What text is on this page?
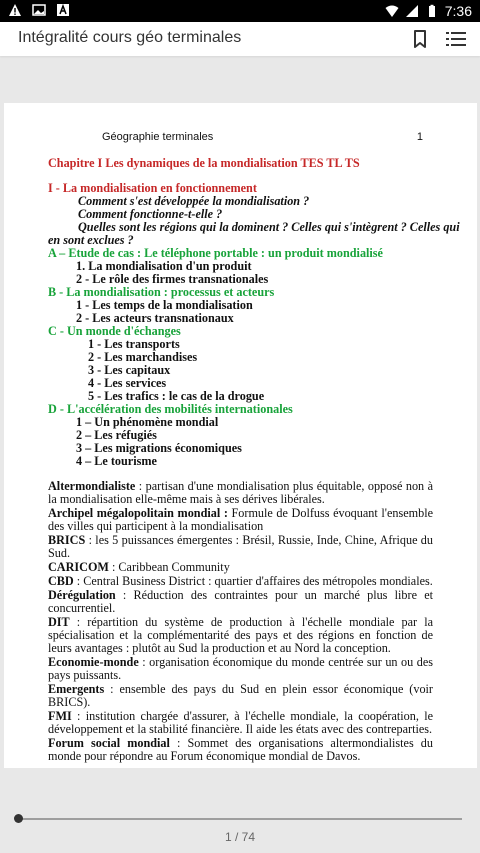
7:36
Intégralité cours géo terminales
Géographie terminales	1
Chapitre I Les dynamiques de la mondialisation TES TL TS
I - La mondialisation en fonctionnement
Comment s'est développée la mondialisation ?
Comment fonctionne-t-elle ?
Quelles sont les régions qui la dominent ? Celles qui s'intègrent ? Celles qui
en sont exclues ?
A – Etude de cas : Le téléphone portable : un produit mondialisé
1. La mondialisation d'un produit
2 - Le rôle des firmes transnationales
B - La mondialisation : processus et acteurs
1 - Les temps de la mondialisation
2 - Les acteurs transnationaux
C - Un monde d'échanges
1 - Les transports
2 - Les marchandises
3 - Les capitaux
4 - Les services
5 - Les trafics : le cas de la drogue
D - L'accélération des mobilités internationales
1 – Un phénomène mondial
2 – Les réfugiés
3 – Les migrations économiques
4 – Le tourisme

Altermondialiste : partisan d'une mondialisation plus équitable, opposé non à la mondialisation elle-même mais à ses dérives libérales.

Archipel mégalopolitain mondial : Formule de Dolfuss évoquant l'ensemble des villes qui participent à la mondialisation

BRICS : les 5 puissances émergentes : Brésil, Russie, Inde, Chine, Afrique du Sud.

CARICOM : Caribbean Community

CBD : Central Business District : quartier d'affaires des métropoles mondiales.

Dérégulation : Réduction des contraintes pour un marché plus libre et concurrentiel.

DIT : répartition du système de production à l'échelle mondiale par la spécialisation et la complémentarité des pays et des régions en fonction de leurs avantages : plutôt au Sud la production et au Nord la conception.

Economie-monde : organisation économique du monde centrée sur un ou des pays puissants.

Emergents : ensemble des pays du Sud en plein essor économique (voir BRICS).

FMI : institution chargée d'assurer, à l'échelle mondiale, la coopération, le développement et la stabilité financière. Il aide les états avec des contreparties.

Forum social mondial : Sommet des organisations altermondialistes du monde pour répondre au Forum économique mondial de Davos.

1 / 74
